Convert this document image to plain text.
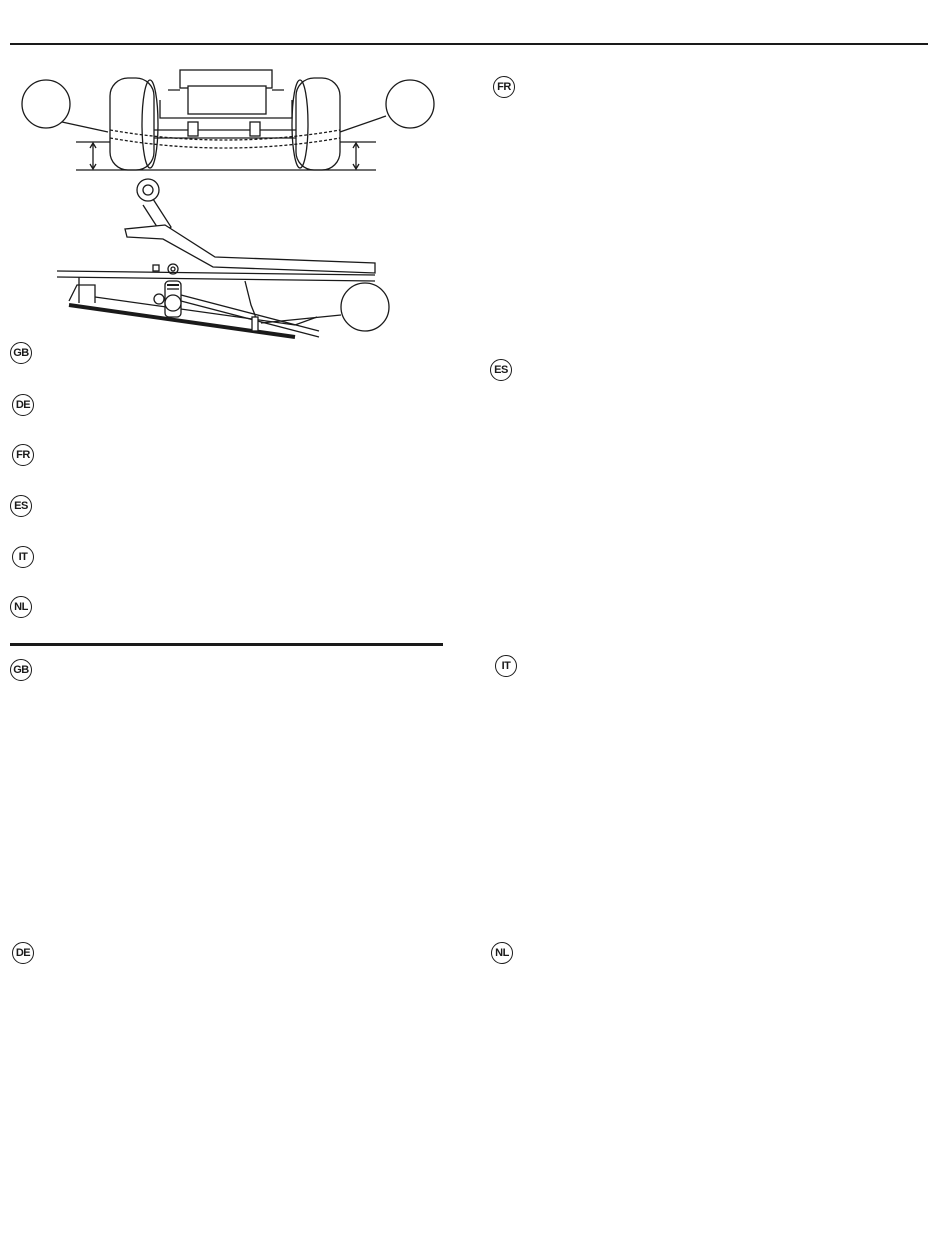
GB
DE
FR
ES
IT
NL
GB
DE
FR
ES
IT
NL
